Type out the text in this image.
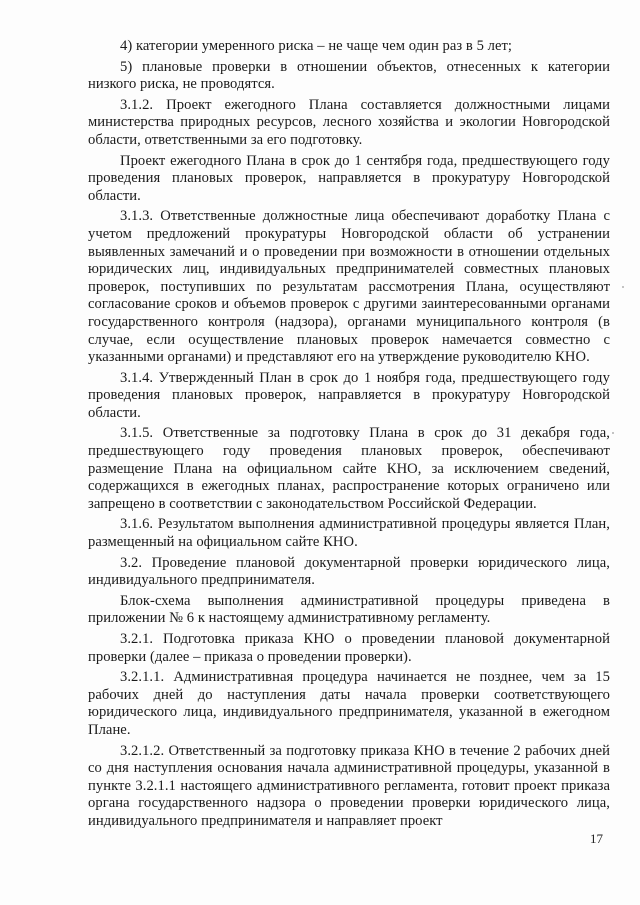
4) категории умеренного риска – не чаще чем один раз в 5 лет;

5) плановые проверки в отношении объектов, отнесенных к категории низкого риска, не проводятся.

3.1.2. Проект ежегодного Плана составляется должностными лицами министерства природных ресурсов, лесного хозяйства и экологии Новгородской области, ответственными за его подготовку.

Проект ежегодного Плана в срок до 1 сентября года, предшествующего году проведения плановых проверок, направляется в прокуратуру Новгородской области.

3.1.3. Ответственные должностные лица обеспечивают доработку Плана с учетом предложений прокуратуры Новгородской области об устранении выявленных замечаний и о проведении при возможности в отношении отдельных юридических лиц, индивидуальных предпринимателей совместных плановых проверок, поступивших по результатам рассмотрения Плана, осуществляют согласование сроков и объемов проверок с другими заинтересованными органами государственного контроля (надзора), органами муниципального контроля (в случае, если осуществление плановых проверок намечается совместно с указанными органами) и представляют его на утверждение руководителю КНО.

3.1.4. Утвержденный План в срок до 1 ноября года, предшествующего году проведения плановых проверок, направляется в прокуратуру Новгородской области.

3.1.5. Ответственные за подготовку Плана в срок до 31 декабря года, предшествующего году проведения плановых проверок, обеспечивают размещение Плана на официальном сайте КНО, за исключением сведений, содержащихся в ежегодных планах, распространение которых ограничено или запрещено в соответствии с законодательством Российской Федерации.

3.1.6. Результатом выполнения административной процедуры является План, размещенный на официальном сайте КНО.

3.2. Проведение плановой документарной проверки юридического лица, индивидуального предпринимателя.

Блок-схема выполнения административной процедуры приведена в приложении № 6 к настоящему административному регламенту.

3.2.1. Подготовка приказа КНО о проведении плановой документарной проверки (далее – приказа о проведении проверки).

3.2.1.1. Административная процедура начинается не позднее, чем за 15 рабочих дней до наступления даты начала проверки соответствующего юридического лица, индивидуального предпринимателя, указанной в ежегодном Плане.

3.2.1.2. Ответственный за подготовку приказа КНО в течение 2 рабочих дней со дня наступления основания начала административной процедуры, указанной в пункте 3.2.1.1 настоящего административного регламента, готовит проект приказа органа государственного надзора о проведении проверки юридического лица, индивидуального предпринимателя и направляет проект

17
